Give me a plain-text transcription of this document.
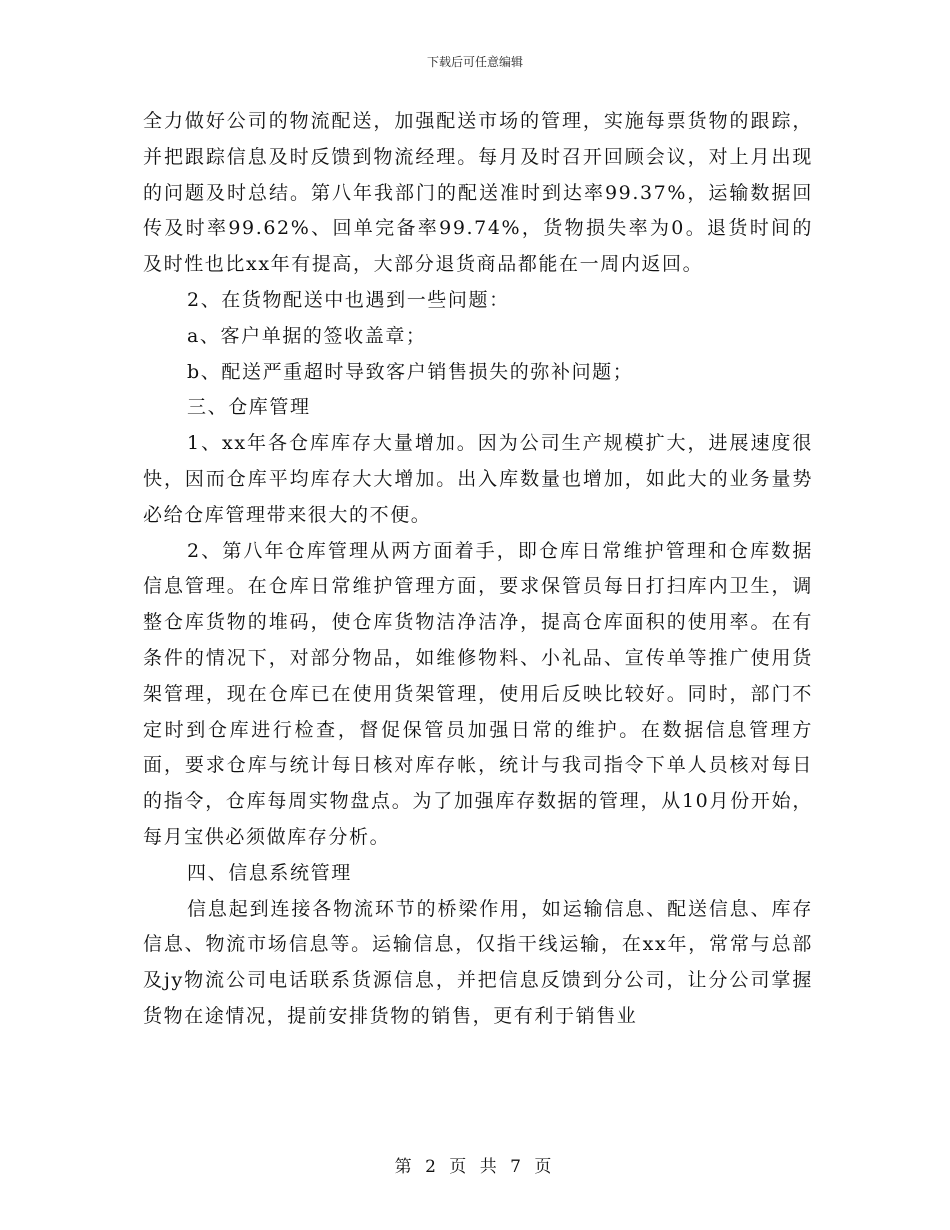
下载后可任意编辑

全力做好公司的物流配送，加强配送市场的管理，实施每票货物的跟踪，并把跟踪信息及时反馈到物流经理。每月及时召开回顾会议，对上月出现的问题及时总结。第八年我部门的配送准时到达率99.37%，运输数据回传及时率99.62%、回单完备率99.74%，货物损失率为0。退货时间的及时性也比xx年有提高，大部分退货商品都能在一周内返回。

2、在货物配送中也遇到一些问题：

a、客户单据的签收盖章；

b、配送严重超时导致客户销售损失的弥补问题；

三、仓库管理

1、xx年各仓库库存大量增加。因为公司生产规模扩大，进展速度很快，因而仓库平均库存大大增加。出入库数量也增加，如此大的业务量势必给仓库管理带来很大的不便。

2、第八年仓库管理从两方面着手，即仓库日常维护管理和仓库数据信息管理。在仓库日常维护管理方面，要求保管员每日打扫库内卫生，调整仓库货物的堆码，使仓库货物洁净洁净，提高仓库面积的使用率。在有条件的情况下，对部分物品，如维修物料、小礼品、宣传单等推广使用货架管理，现在仓库已在使用货架管理，使用后反映比较好。同时，部门不定时到仓库进行检查，督促保管员加强日常的维护。在数据信息管理方面，要求仓库与统计每日核对库存帐，统计与我司指令下单人员核对每日的指令，仓库每周实物盘点。为了加强库存数据的管理，从10月份开始，每月宝供必须做库存分析。

四、信息系统管理

信息起到连接各物流环节的桥梁作用，如运输信息、配送信息、库存信息、物流市场信息等。运输信息，仅指干线运输，在xx年，常常与总部及jy物流公司电话联系货源信息，并把信息反馈到分公司，让分公司掌握货物在途情况，提前安排货物的销售，更有利于销售业

第 2 页 共 7 页
